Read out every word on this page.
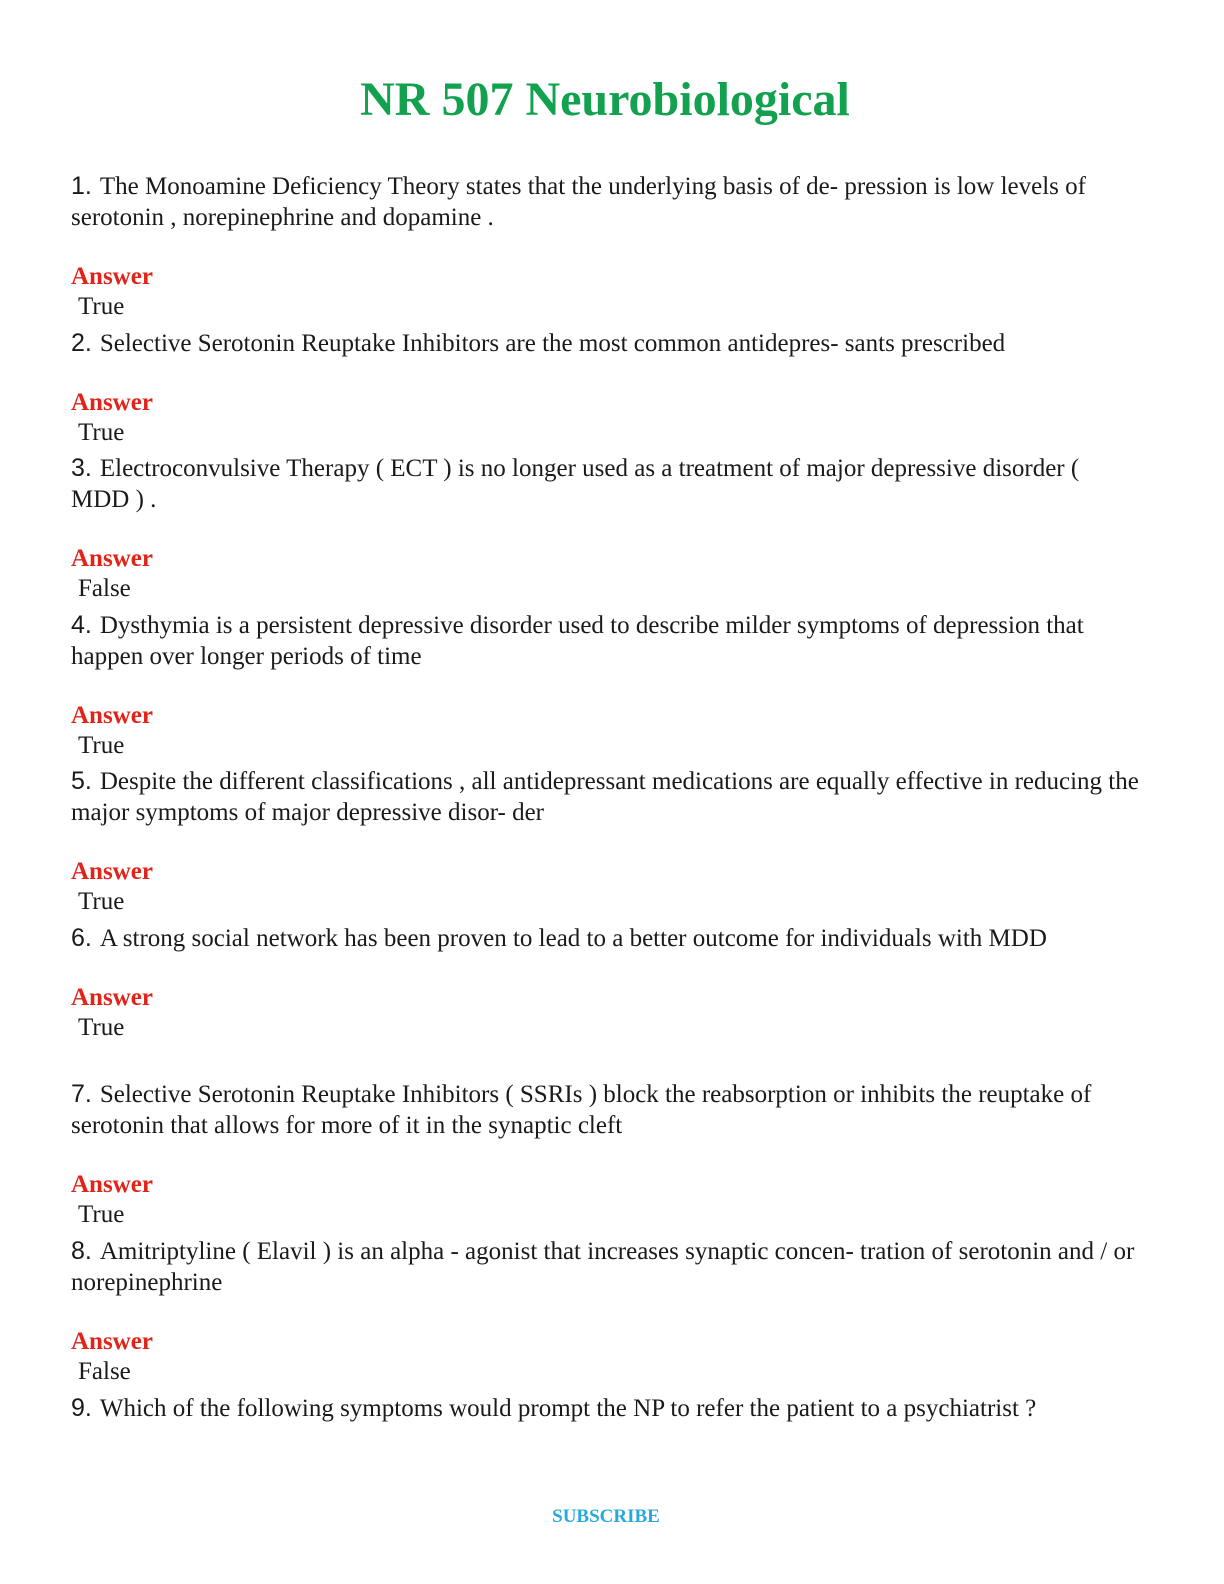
NR 507 Neurobiological

1. The Monoamine Deficiency Theory states that the underlying basis of de- pression is low levels of serotonin , norepinephrine and dopamine .

Answer
True

2. Selective Serotonin Reuptake Inhibitors are the most common antidepres- sants prescribed

Answer
True

3. Electroconvulsive Therapy ( ECT ) is no longer used as a treatment of major depressive disorder ( MDD ) .

Answer
False

4. Dysthymia is a persistent depressive disorder used to describe milder symptoms of depression that happen over longer periods of time

Answer
True

5. Despite the different classifications , all antidepressant medications are equally effective in reducing the major symptoms of major depressive disor- der

Answer
True

6. A strong social network has been proven to lead to a better outcome for individuals with MDD

Answer
True

7. Selective Serotonin Reuptake Inhibitors ( SSRIs ) block the reabsorption or inhibits the reuptake of serotonin that allows for more of it in the synaptic cleft

Answer
True

8. Amitriptyline ( Elavil ) is an alpha - agonist that increases synaptic concen- tration of serotonin and / or norepinephrine

Answer
False

9. Which of the following symptoms would prompt the NP to refer the patient to a psychiatrist ?

SUBSCRIBE
